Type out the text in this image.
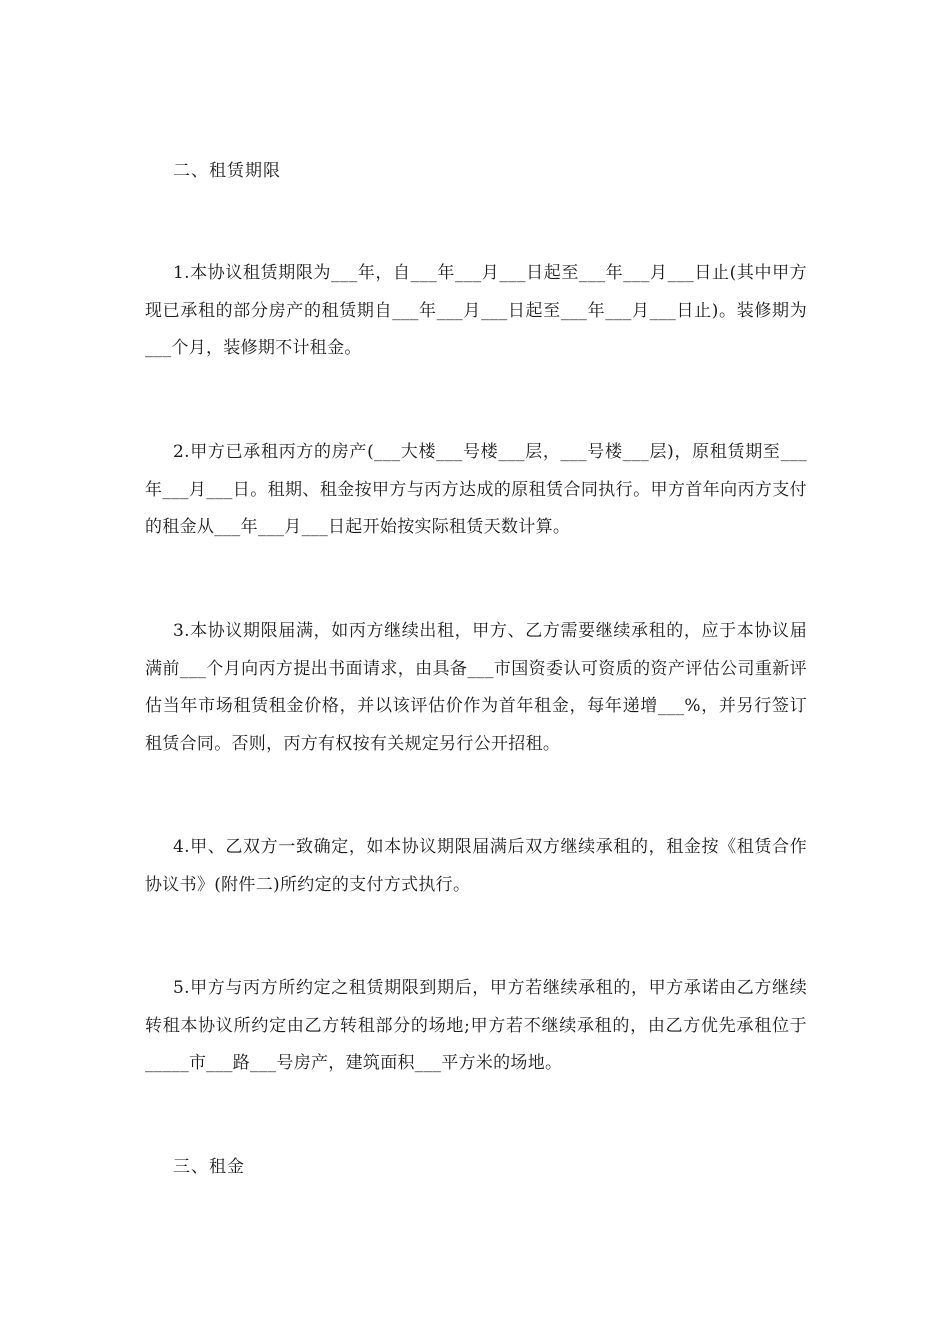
二、租赁期限

1.本协议租赁期限为___年，自___年___月___日起至___年___月___日止(其中甲方现已承租的部分房产的租赁期自___年___月___日起至___年___月___日止)。装修期为___个月，装修期不计租金。

2.甲方已承租丙方的房产(___大楼___号楼___层，___号楼___层)，原租赁期至___年___月___日。租期、租金按甲方与丙方达成的原租赁合同执行。甲方首年向丙方支付的租金从___年___月___日起开始按实际租赁天数计算。

3.本协议期限届满，如丙方继续出租，甲方、乙方需要继续承租的，应于本协议届满前___个月向丙方提出书面请求，由具备___市国资委认可资质的资产评估公司重新评估当年市场租赁租金价格，并以该评估价作为首年租金，每年递增___%，并另行签订租赁合同。否则，丙方有权按有关规定另行公开招租。

4.甲、乙双方一致确定，如本协议期限届满后双方继续承租的，租金按《租赁合作协议书》(附件二)所约定的支付方式执行。

5.甲方与丙方所约定之租赁期限到期后，甲方若继续承租的，甲方承诺由乙方继续转租本协议所约定由乙方转租部分的场地;甲方若不继续承租的，由乙方优先承租位于_____市___路___号房产，建筑面积___平方米的场地。

三、租金
